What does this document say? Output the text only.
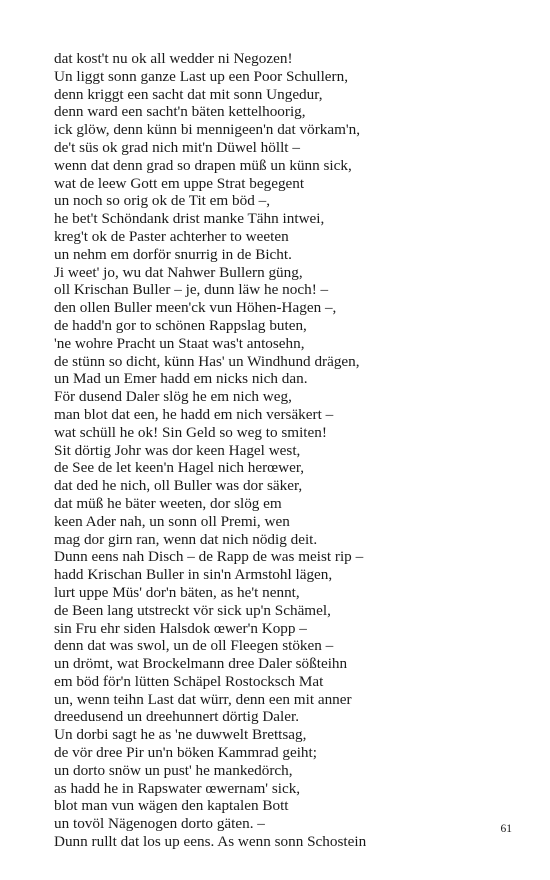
dat kost't nu ok all wedder ni Negozen!
Un liggt sonn ganze Last up een Poor Schullern,
denn kriggt een sacht dat mit sonn Ungedur,
denn ward een sacht'n bäten kettelhoorig,
ick glöw, denn künn bi mennigeen'n dat vörkam'n,
de't süs ok grad nich mit'n Düwel höllt –
wenn dat denn grad so drapen müß un künn sick,
wat de leew Gott em uppe Strat begegent
un noch so orig ok de Tit em böd –,
he bet't Schöndank drist manke Tähn intwei,
kreg't ok de Paster achterher to weeten
un nehm em dorför snurrig in de Bicht.
Ji weet' jo, wu dat Nahwer Bullern güng,
oll Krischan Buller – je, dunn läw he noch! –
den ollen Buller meen'ck vun Höhen-Hagen –,
de hadd'n gor to schönen Rappslag buten,
'ne wohre Pracht un Staat was't antosehn,
de stünn so dicht, künn Has' un Windhund drägen,
un Mad un Emer hadd em nicks nich dan.
För dusend Daler slög he em nich weg,
man blot dat een, he hadd em nich versäkert –
wat schüll he ok! Sin Geld so weg to smiten!
Sit dörtig Johr was dor keen Hagel west,
de See de let keen'n Hagel nich herœwer,
dat ded he nich, oll Buller was dor säker,
dat müß he bäter weeten, dor slög em
keen Ader nah, un sonn oll Premi, wen
mag dor girn ran, wenn dat nich nödig deit.
Dunn eens nah Disch – de Rapp de was meist rip –
hadd Krischan Buller in sin'n Armstohl lägen,
lurt uppe Müs' dor'n bäten, as he't nennt,
de Been lang utstreckt vör sick up'n Schämel,
sin Fru ehr siden Halsdok œwer'n Kopp –
denn dat was swol, un de oll Fleegen stöken –
un drömt, wat Brockelmann dree Daler sößteihn
em böd för'n lütten Schäpel Rostocksch Mat
un, wenn teihn Last dat würr, denn een mit anner
dreedusend un dreehunnert dörtig Daler.
Un dorbi sagt he as 'ne duwwelt Brettsag,
de vör dree Pir un'n böken Kammrad geiht;
un dorto snöw un pust' he mankedörch,
as hadd he in Rapswater œwernam' sick,
blot man vun wägen den kaptalen Bott
un tovöl Nägenogen dorto gäten. –
Dunn rullt dat los up eens. As wenn sonn Schostein
61
